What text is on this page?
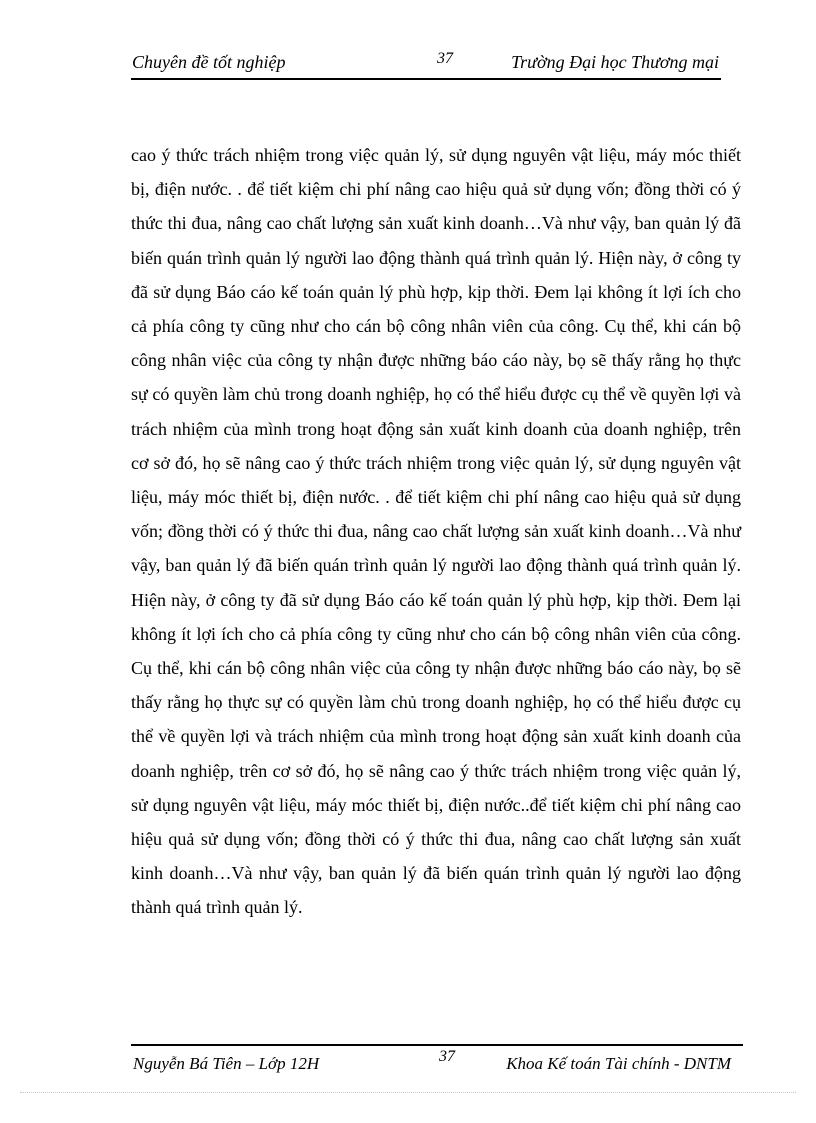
Chuyên đề tốt nghiệp	37	Trường Đại học Thương mại

cao ý thức trách nhiệm trong việc quản lý, sử dụng nguyên vật liệu, máy móc thiết bị, điện nước. . để tiết kiệm chi phí nâng cao hiệu quả sử dụng vốn; đồng thời có ý thức thi đua, nâng cao chất lượng sản xuất kinh doanh…Và như vậy, ban quản lý đã biến quán trình quản lý người lao động thành quá trình quản lý. Hiện này, ở công ty đã sử dụng Báo cáo kế toán quản lý phù hợp, kịp thời. Đem lại không ít lợi ích cho cả phía công ty cũng như cho cán bộ công nhân viên của công. Cụ thể, khi cán bộ công nhân việc của công ty nhận được những báo cáo này, bọ sẽ thấy rằng họ thực sự có quyền làm chủ trong doanh nghiệp, họ có thể hiểu được cụ thể về quyền lợi và trách nhiệm của mình trong hoạt động sản xuất kinh doanh của doanh nghiệp, trên cơ sở đó, họ sẽ nâng cao ý thức trách nhiệm trong việc quản lý, sử dụng nguyên vật liệu, máy móc thiết bị, điện nước. . để tiết kiệm chi phí nâng cao hiệu quả sử dụng vốn; đồng thời có ý thức thi đua, nâng cao chất lượng sản xuất kinh doanh…Và như vậy, ban quản lý đã biến quán trình quản lý người lao động thành quá trình quản lý. Hiện này, ở công ty đã sử dụng Báo cáo kế toán quản lý phù hợp, kịp thời. Đem lại không ít lợi ích cho cả phía công ty cũng như cho cán bộ công nhân viên của công. Cụ thể, khi cán bộ công nhân việc của công ty nhận được những báo cáo này, bọ sẽ thấy rằng họ thực sự có quyền làm chủ trong doanh nghiệp, họ có thể hiểu được cụ thể về quyền lợi và trách nhiệm của mình trong hoạt động sản xuất kinh doanh của doanh nghiệp, trên cơ sở đó, họ sẽ nâng cao ý thức trách nhiệm trong việc quản lý, sử dụng nguyên vật liệu, máy móc thiết bị, điện nước..để tiết kiệm chi phí nâng cao hiệu quả sử dụng vốn; đồng thời có ý thức thi đua, nâng cao chất lượng sản xuất kinh doanh…Và như vậy, ban quản lý đã biến quán trình quản lý người lao động thành quá trình quản lý.

Nguyễn Bá Tiên – Lớp 12H	37	Khoa Kế toán Tài chính - DNTM
